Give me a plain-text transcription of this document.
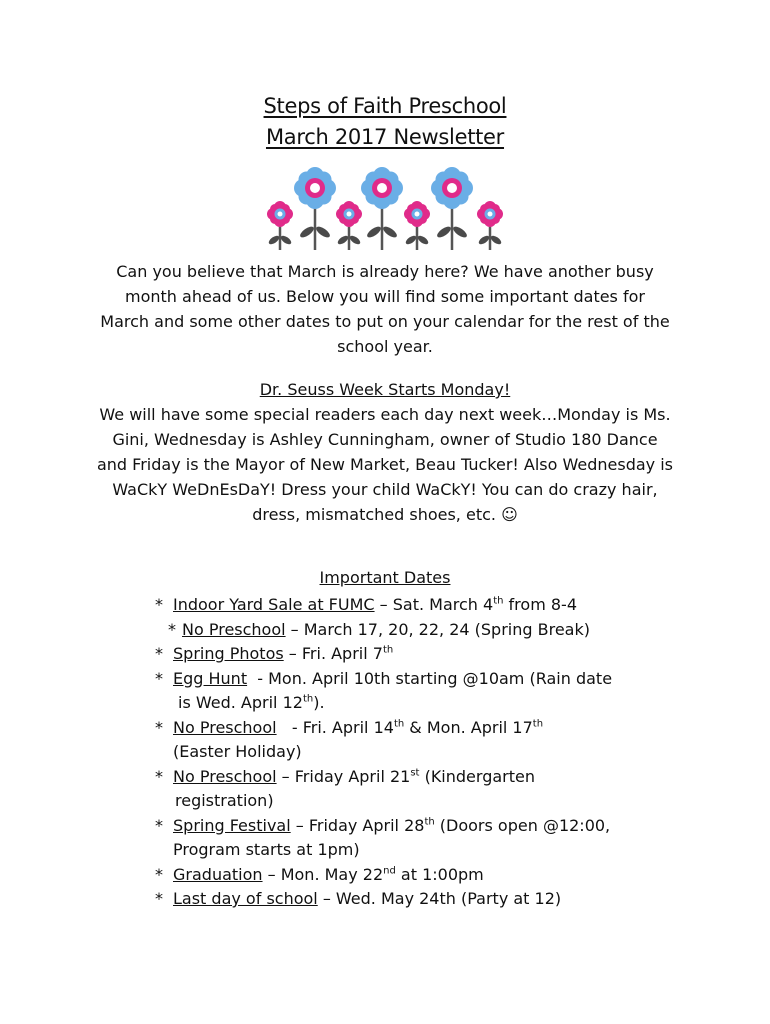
Steps of Faith Preschool
March 2017 Newsletter

Can you believe that March is already here? We have another busy month ahead of us. Below you will find some important dates for March and some other dates to put on your calendar for the rest of the school year.

Dr. Seuss Week Starts Monday!

We will have some special readers each day next week…Monday is Ms. Gini, Wednesday is Ashley Cunningham, owner of Studio 180 Dance and Friday is the Mayor of New Market, Beau Tucker! Also Wednesday is WaCkY WeDnEsDaY! Dress your child WaCkY! You can do crazy hair, dress, mismatched shoes, etc. ☺

Important Dates
* Indoor Yard Sale at FUMC – Sat. March 4th from 8-4
* No Preschool – March 17, 20, 22, 24 (Spring Break)
* Spring Photos – Fri. April 7th
* Egg Hunt  - Mon. April 10th starting @10am (Rain date
is Wed. April 12th).
* No Preschool   - Fri. April 14th & Mon. April 17th
(Easter Holiday)
* No Preschool – Friday April 21st (Kindergarten
registration)
* Spring Festival – Friday April 28th (Doors open @12:00,
Program starts at 1pm)
* Graduation – Mon. May 22nd at 1:00pm
* Last day of school – Wed. May 24th (Party at 12)
